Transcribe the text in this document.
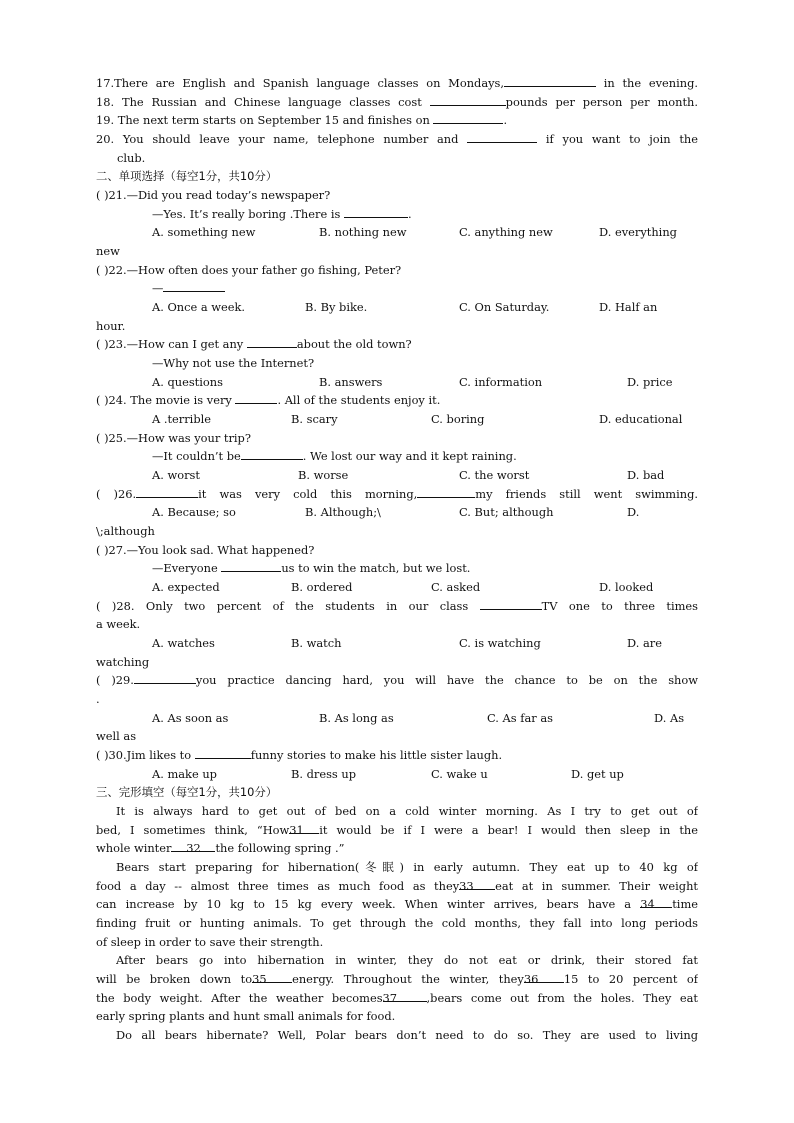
17.There are English and Spanish language classes on Mondays,	in the evening.
18. The Russian and Chinese language classes cost	pounds per person per month.
19. The next term starts on September 15 and finishes on	.
20. You should leave your name, telephone number and	if you want to join the
club.
二、单项选择（每空1分，共10分）
( )21.—Did you read today’s newspaper?
—Yes. It’s really boring .There is	.
A. something new	B. nothing new	C. anything new	D. everything
new
( )22.—How often does your father go fishing, Peter?
—
A. Once a week.	B. By bike.	C. On Saturday.	D. Half an
hour.
( )23.—How can I get any	about the old town?
—Why not use the Internet?
A. questions	B. answers	C. information	D. price
( )24. The movie is very	. All of the students enjoy it.
A .terrible	B. scary	C. boring	D. educational
( )25.—How was your trip?
—It couldn’t be	. We lost our way and it kept raining.
A. worst	B. worse	C. the worst	D. bad
( )26.	it was very cold this morning,	my friends still went swimming.
A. Because; so	B. Although;\	C. But; although	D.
\;although
( )27.—You look sad. What happened?
—Everyone	us to win the match, but we lost.
A. expected	B. ordered	C. asked	D. looked
( )28. Only two percent of the students in our class	TV one to three times
a week.
A. watches	B. watch	C. is watching	D. are
watching
( )29.	you practice dancing hard, you will have the chance to be on the show
.
A. As soon as	B. As long as	C. As far as	D. As
well as
( )30.Jim likes to	funny stories to make his little sister laugh.
A. make up	B. dress up	C. wake u	D. get up
三、完形填空（每空1分，共10分）
It is always hard to get out of bed on a cold winter morning. As I try to get out of
bed, I sometimes think, “How31 it would be if I were a bear! I would then sleep in the
whole winter 32 the following spring .”
Bears start preparing for hibernation(冬眠) in early autumn. They eat up to 40 kg of
food a day -- almost three times as much food as they33 eat at in summer. Their weight
can increase by 10 kg to 15 kg every week. When winter arrives, bears have a 34 time
finding fruit or hunting animals. To get through the cold months, they fall into long periods
of sleep in order to save their strength.
After bears go into hibernation in winter, they do not eat or drink, their stored fat
will be broken down to35 energy. Throughout the winter, they36 15 to 20 percent of
the body weight. After the weather becomes37	,bears come out from the holes. They eat
early spring plants and hunt small animals for food.
Do all bears hibernate? Well, Polar bears don’t need to do so. They are used to living
